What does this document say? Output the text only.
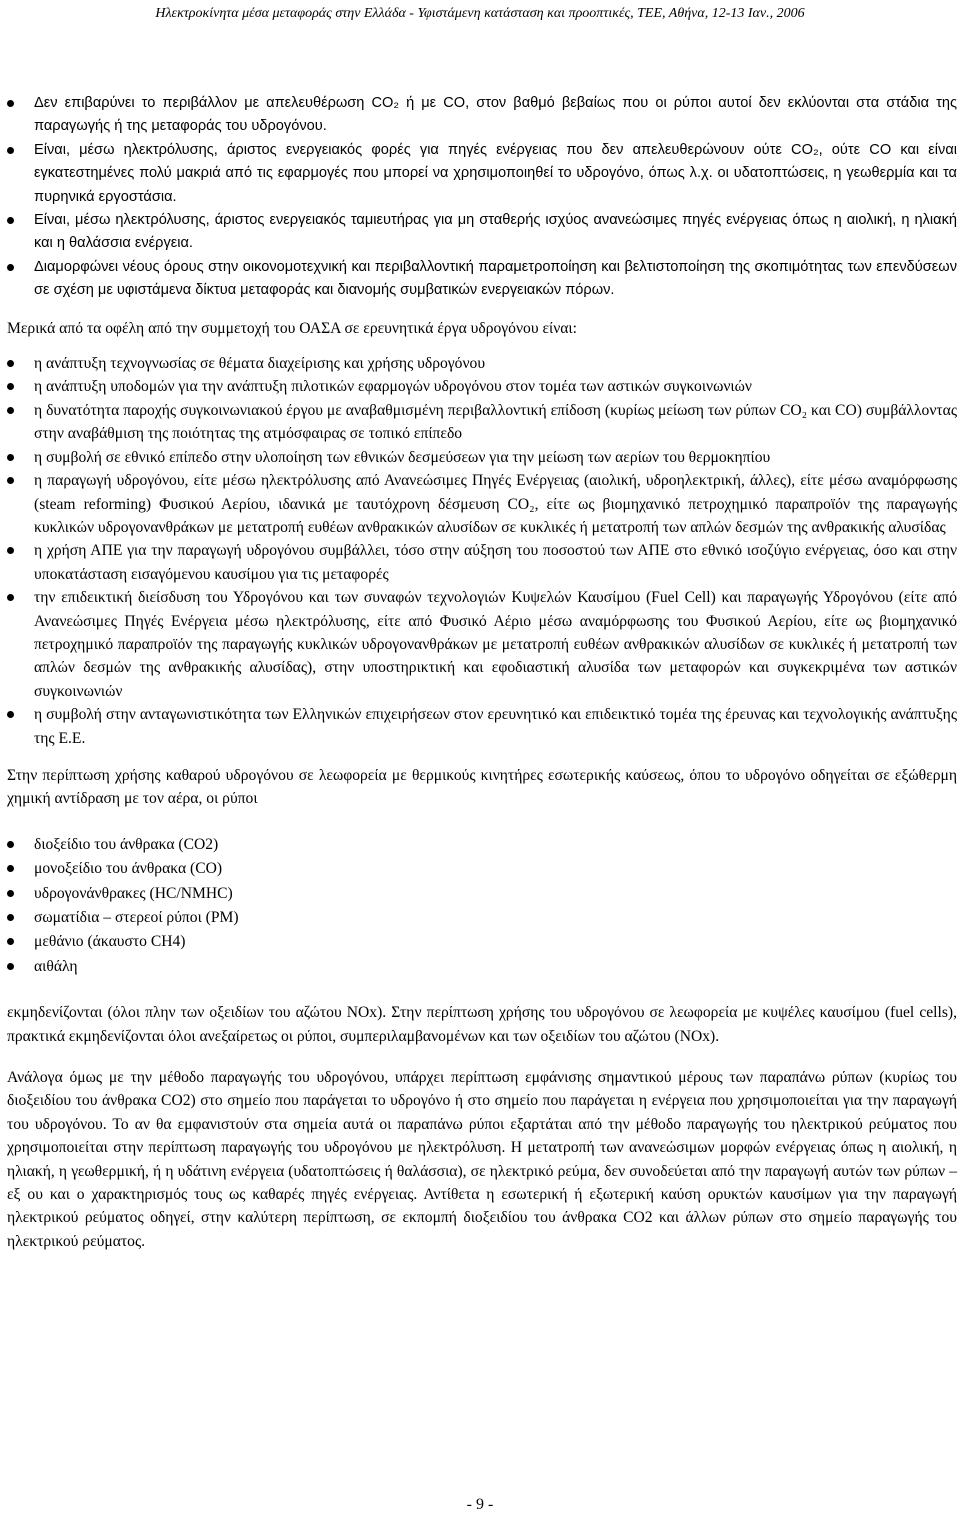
Ηλεκτροκίνητα μέσα μεταφοράς στην Ελλάδα - Υφιστάμενη κατάσταση και προοπτικές, ΤΕΕ, Αθήνα, 12-13 Ιαν., 2006
Δεν επιβαρύνει το περιβάλλον με απελευθέρωση CO₂ ή με CO, στον βαθμό βεβαίως που οι ρύποι αυτοί δεν εκλύονται στα στάδια της παραγωγής ή της μεταφοράς του υδρογόνου.
Είναι, μέσω ηλεκτρόλυσης, άριστος ενεργειακός φορές για πηγές ενέργειας που δεν απελευθερώνουν ούτε CO₂, ούτε CO και είναι εγκατεστημένες πολύ μακριά από τις εφαρμογές που μπορεί να χρησιμοποιηθεί το υδρογόνο, όπως λ.χ. οι υδατοπτώσεις, η γεωθερμία και τα πυρηνικά εργοστάσια.
Είναι, μέσω ηλεκτρόλυσης, άριστος ενεργειακός ταμιευτήρας για μη σταθερής ισχύος ανανεώσιμες πηγές ενέργειας όπως η αιολική, η ηλιακή και η θαλάσσια ενέργεια.
Διαμορφώνει νέους όρους στην οικονομοτεχνική και περιβαλλοντική παραμετροποίηση και βελτιστοποίηση της σκοπιμότητας των επενδύσεων σε σχέση με υφιστάμενα δίκτυα μεταφοράς και διανομής συμβατικών ενεργειακών πόρων.

Μερικά από τα οφέλη από την συμμετοχή του ΟΑΣΑ σε ερευνητικά έργα υδρογόνου είναι:

η ανάπτυξη τεχνογνωσίας σε θέματα διαχείρισης και χρήσης υδρογόνου
η ανάπτυξη υποδομών για την ανάπτυξη πιλοτικών εφαρμογών υδρογόνου στον τομέα των αστικών συγκοινωνιών
η δυνατότητα παροχής συγκοινωνιακού έργου με αναβαθμισμένη περιβαλλοντική επίδοση (κυρίως μείωση των ρύπων CO₂ και CO) συμβάλλοντας στην αναβάθμιση της ποιότητας της ατμόσφαιρας σε τοπικό επίπεδο
η συμβολή σε εθνικό επίπεδο στην υλοποίηση των εθνικών δεσμεύσεων για την μείωση των αερίων του θερμοκηπίου
η παραγωγή υδρογόνου, είτε μέσω ηλεκτρόλυσης από Ανανεώσιμες Πηγές Ενέργειας (αιολική, υδροηλεκτρική, άλλες), είτε μέσω αναμόρφωσης (steam reforming) Φυσικού Αερίου, ιδανικά με ταυτόχρονη δέσμευση CO₂, είτε ως βιομηχανικό πετροχημικό παραπροϊόν της παραγωγής κυκλικών υδρογονανθράκων με μετατροπή ευθέων ανθρακικών αλυσίδων σε κυκλικές ή μετατροπή των απλών δεσμών της ανθρακικής αλυσίδας
η χρήση ΑΠΕ για την παραγωγή υδρογόνου συμβάλλει, τόσο στην αύξηση του ποσοστού των ΑΠΕ στο εθνικό ισοζύγιο ενέργειας, όσο και στην υποκατάσταση εισαγόμενου καυσίμου για τις μεταφορές
την επιδεικτική διείσδυση του Υδρογόνου και των συναφών τεχνολογιών Κυψελών Καυσίμου (Fuel Cell) και παραγωγής Υδρογόνου (είτε από Ανανεώσιμες Πηγές Ενέργεια μέσω ηλεκτρόλυσης, είτε από Φυσικό Αέριο μέσω αναμόρφωσης του Φυσικού Αερίου, είτε ως βιομηχανικό πετροχημικό παραπροϊόν της παραγωγής κυκλικών υδρογονανθράκων με μετατροπή ευθέων ανθρακικών αλυσίδων σε κυκλικές ή μετατροπή των απλών δεσμών της ανθρακικής αλυσίδας), στην υποστηρικτική και εφοδιαστική αλυσίδα των μεταφορών και συγκεκριμένα των αστικών συγκοινωνιών
η συμβολή στην ανταγωνιστικότητα των Ελληνικών επιχειρήσεων στον ερευνητικό και επιδεικτικό τομέα της έρευνας και τεχνολογικής ανάπτυξης της Ε.Ε.

Στην περίπτωση χρήσης καθαρού υδρογόνου σε λεωφορεία με θερμικούς κινητήρες εσωτερικής καύσεως, όπου το υδρογόνο οδηγείται σε εξώθερμη χημική αντίδραση με τον αέρα, οι ρύποι

διοξείδιο του άνθρακα (CO2)
μονοξείδιο του άνθρακα (CO)
υδρογονάνθρακες (HC/NMHC)
σωματίδια – στερεοί ρύποι (PM)
μεθάνιο (άκαυστο CH4)
αιθάλη

εκμηδενίζονται (όλοι πλην των οξειδίων του αζώτου NOx). Στην περίπτωση χρήσης του υδρογόνου σε λεωφορεία με κυψέλες καυσίμου (fuel cells), πρακτικά εκμηδενίζονται όλοι ανεξαίρετως οι ρύποι, συμπεριλαμβανομένων και των οξειδίων του αζώτου (NOx).

Ανάλογα όμως με την μέθοδο παραγωγής του υδρογόνου, υπάρχει περίπτωση εμφάνισης σημαντικού μέρους των παραπάνω ρύπων (κυρίως του διοξειδίου του άνθρακα CO2) στο σημείο που παράγεται το υδρογόνο ή στο σημείο που παράγεται η ενέργεια που χρησιμοποιείται για την παραγωγή του υδρογόνου. Το αν θα εμφανιστούν στα σημεία αυτά οι παραπάνω ρύποι εξαρτάται από την μέθοδο παραγωγής του ηλεκτρικού ρεύματος που χρησιμοποιείται στην περίπτωση παραγωγής του υδρογόνου με ηλεκτρόλυση. Η μετατροπή των ανανεώσιμων μορφών ενέργειας όπως η αιολική, η ηλιακή, η γεωθερμική, ή η υδάτινη ενέργεια (υδατοπτώσεις ή θαλάσσια), σε ηλεκτρικό ρεύμα, δεν συνοδεύεται από την παραγωγή αυτών των ρύπων – εξ ου και ο χαρακτηρισμός τους ως καθαρές πηγές ενέργειας. Αντίθετα η εσωτερική ή εξωτερική καύση ορυκτών καυσίμων για την παραγωγή ηλεκτρικού ρεύματος οδηγεί, στην καλύτερη περίπτωση, σε εκπομπή διοξειδίου του άνθρακα CO2 και άλλων ρύπων στο σημείο παραγωγής του ηλεκτρικού ρεύματος.

- 9 -
